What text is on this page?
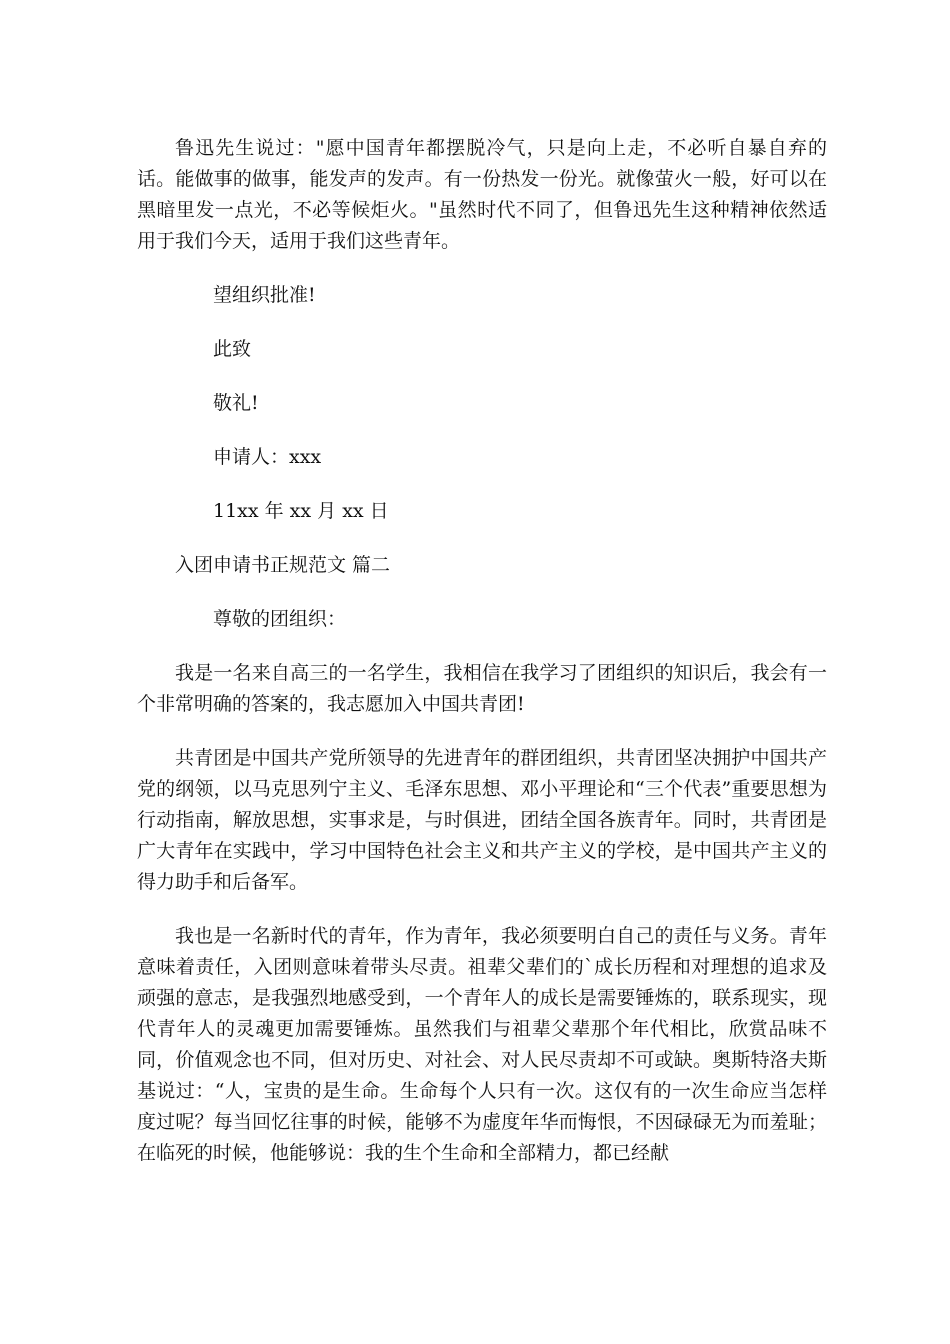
鲁迅先生说过："愿中国青年都摆脱冷气，只是向上走，不必听自暴自弃的话。能做事的做事，能发声的发声。有一份热发一份光。就像萤火一般，好可以在黑暗里发一点光，不必等候炬火。"虽然时代不同了，但鲁迅先生这种精神依然适用于我们今天，适用于我们这些青年。

望组织批准!

此致

敬礼!

申请人：xxx

11xx 年 xx 月 xx 日

入团申请书正规范文 篇二

尊敬的团组织：

我是一名来自高三的一名学生，我相信在我学习了团组织的知识后，我会有一个非常明确的答案的，我志愿加入中国共青团!

共青团是中国共产党所领导的先进青年的群团组织，共青团坚决拥护中国共产党的纲领，以马克思列宁主义、毛泽东思想、邓小平理论和“三个代表”重要思想为行动指南，解放思想，实事求是，与时俱进，团结全国各族青年。同时，共青团是广大青年在实践中，学习中国特色社会主义和共产主义的学校，是中国共产主义的得力助手和后备军。

我也是一名新时代的青年，作为青年，我必须要明白自己的责任与义务。青年意味着责任，入团则意味着带头尽责。祖辈父辈们的`成长历程和对理想的追求及顽强的意志，是我强烈地感受到，一个青年人的成长是需要锤炼的，联系现实，现代青年人的灵魂更加需要锤炼。虽然我们与祖辈父辈那个年代相比，欣赏品味不同，价值观念也不同，但对历史、对社会、对人民尽责却不可或缺。奥斯特洛夫斯基说过：“人，宝贵的是生命。生命每个人只有一次。这仅有的一次生命应当怎样度过呢？每当回忆往事的时候，能够不为虚度年华而悔恨，不因碌碌无为而羞耻；在临死的时候，他能够说：我的生个生命和全部精力，都已经献
